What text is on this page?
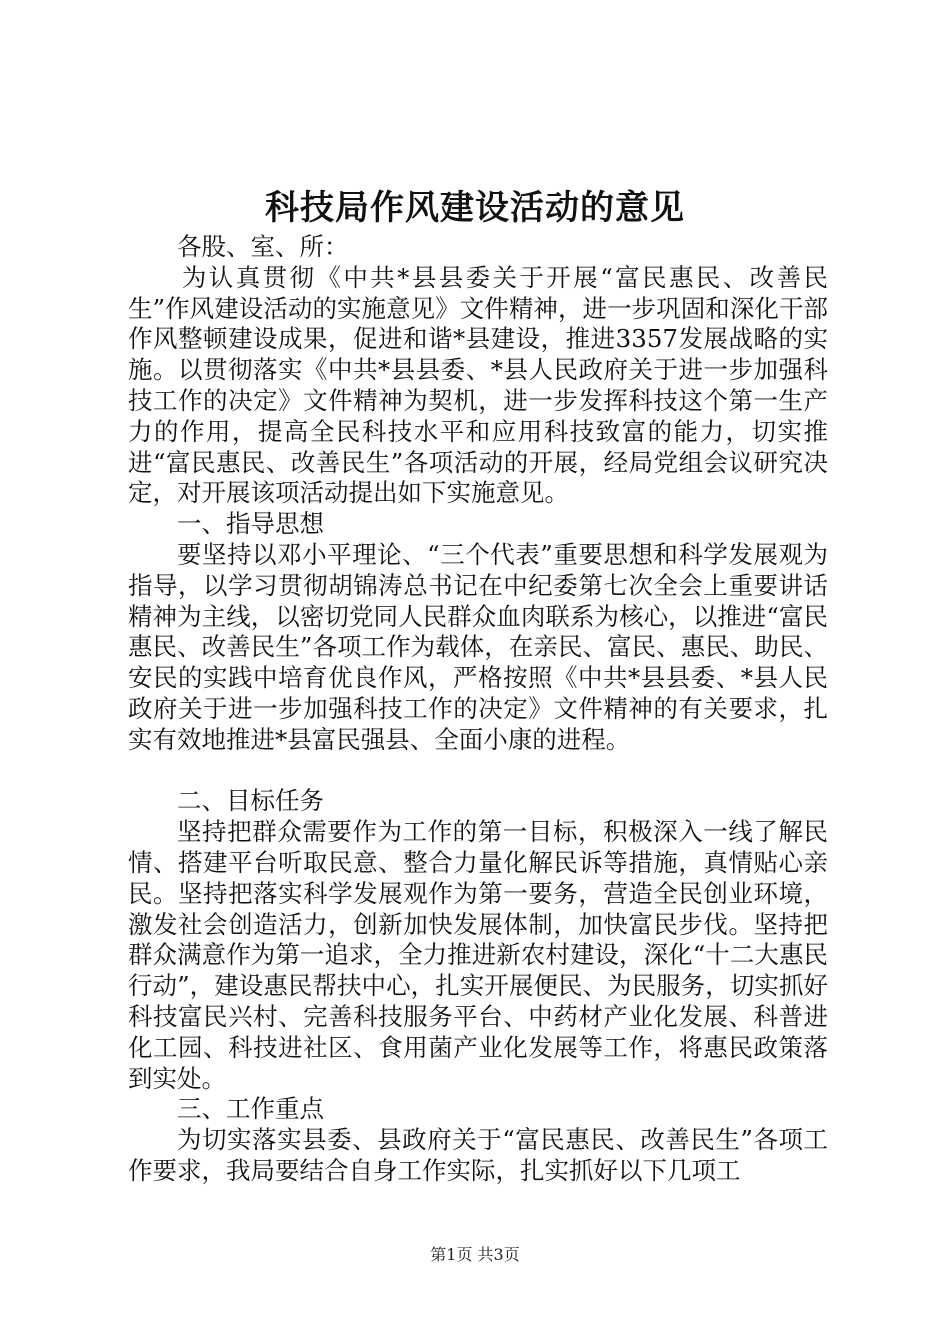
科技局作风建设活动的意见

各股、室、所：

为认真贯彻《中共*县县委关于开展“富民惠民、改善民生”作风建设活动的实施意见》文件精神，进一步巩固和深化干部作风整顿建设成果，促进和谐*县建设，推进3357发展战略的实施。以贯彻落实《中共*县县委、*县人民政府关于进一步加强科技工作的决定》文件精神为契机，进一步发挥科技这个第一生产力的作用，提高全民科技水平和应用科技致富的能力，切实推进“富民惠民、改善民生”各项活动的开展，经局党组会议研究决定，对开展该项活动提出如下实施意见。

一、指导思想

要坚持以邓小平理论、“三个代表”重要思想和科学发展观为指导，以学习贯彻胡锦涛总书记在中纪委第七次全会上重要讲话精神为主线，以密切党同人民群众血肉联系为核心，以推进“富民惠民、改善民生”各项工作为载体，在亲民、富民、惠民、助民、安民的实践中培育优良作风，严格按照《中共*县县委、*县人民政府关于进一步加强科技工作的决定》文件精神的有关要求，扎实有效地推进*县富民强县、全面小康的进程。

二、目标任务

坚持把群众需要作为工作的第一目标，积极深入一线了解民情、搭建平台听取民意、整合力量化解民诉等措施，真情贴心亲民。坚持把落实科学发展观作为第一要务，营造全民创业环境，激发社会创造活力，创新加快发展体制，加快富民步伐。坚持把群众满意作为第一追求，全力推进新农村建设，深化“十二大惠民行动”，建设惠民帮扶中心，扎实开展便民、为民服务，切实抓好科技富民兴村、完善科技服务平台、中药材产业化发展、科普进化工园、科技进社区、食用菌产业化发展等工作，将惠民政策落到实处。

三、工作重点

为切实落实县委、县政府关于“富民惠民、改善民生”各项工作要求，我局要结合自身工作实际，扎实抓好以下几项工

第1页 共3页
